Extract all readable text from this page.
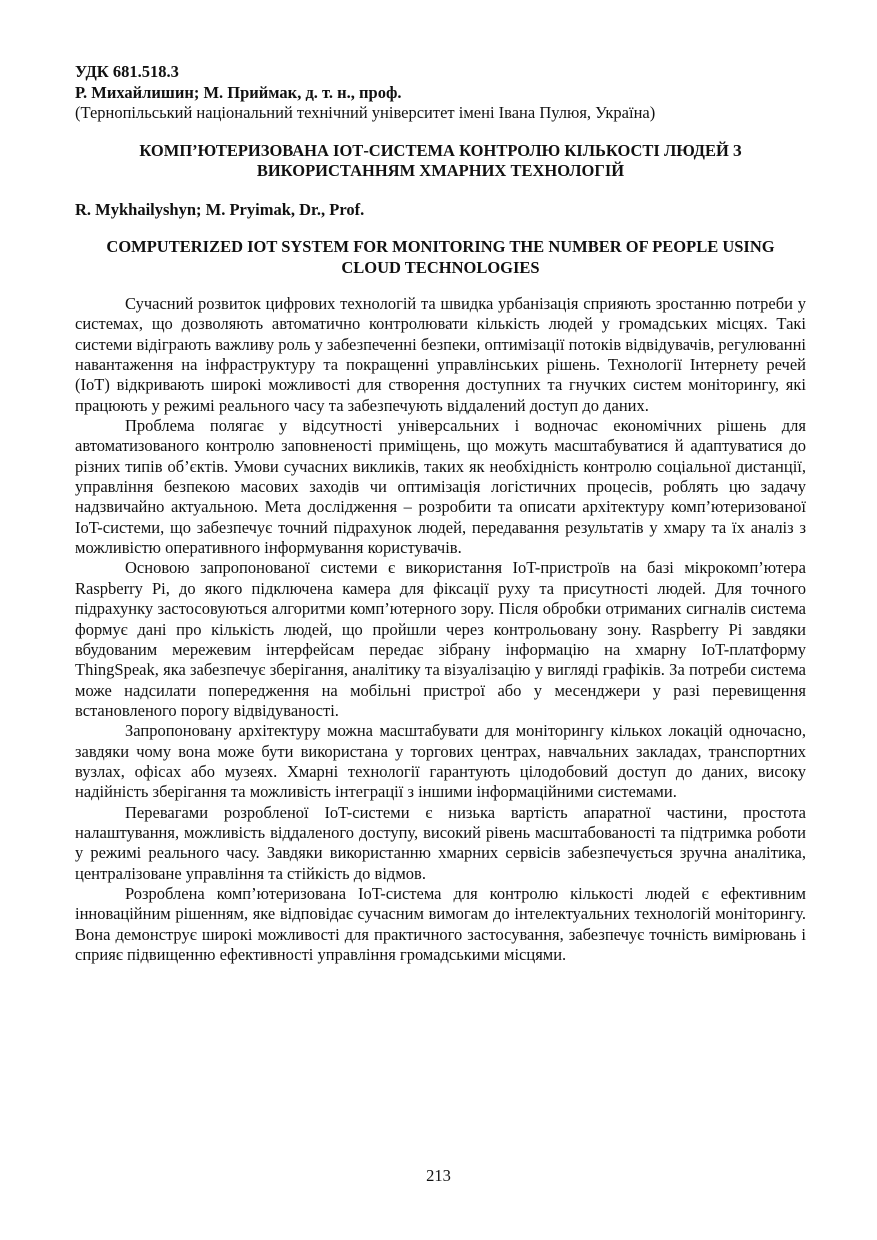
УДК 681.518.3

Р. Михайлишин; М. Приймак, д. т. н., проф.

(Тернопільський національний технічний університет імені Івана Пулюя, Україна)

КОМП’ЮТЕРИЗОВАНА ІОТ-СИСТЕМА КОНТРОЛЮ КІЛЬКОСТІ ЛЮДЕЙ З ВИКОРИСТАННЯМ ХМАРНИХ ТЕХНОЛОГІЙ

R. Mykhailyshyn; M. Pryimak, Dr., Prof.

COMPUTERIZED IOT SYSTEM FOR MONITORING THE NUMBER OF PEOPLE USING CLOUD TECHNOLOGIES

Сучасний розвиток цифрових технологій та швидка урбанізація сприяють зростанню потреби у системах, що дозволяють автоматично контролювати кількість людей у громадських місцях. Такі системи відіграють важливу роль у забезпеченні безпеки, оптимізації потоків відвідувачів, регулюванні навантаження на інфраструктуру та покращенні управлінських рішень. Технології Інтернету речей (IoT) відкривають широкі можливості для створення доступних та гнучких систем моніторингу, які працюють у режимі реального часу та забезпечують віддалений доступ до даних.

Проблема полягає у відсутності універсальних і водночас економічних рішень для автоматизованого контролю заповненості приміщень, що можуть масштабуватися й адаптуватися до різних типів об’єктів. Умови сучасних викликів, таких як необхідність контролю соціальної дистанції, управління безпекою масових заходів чи оптимізація логістичних процесів, роблять цю задачу надзвичайно актуальною. Мета дослідження – розробити та описати архітектуру комп’ютеризованої IoT-системи, що забезпечує точний підрахунок людей, передавання результатів у хмару та їх аналіз з можливістю оперативного інформування користувачів.

Основою запропонованої системи є використання IoT-пристроїв на базі мікрокомп’ютера Raspberry Pi, до якого підключена камера для фіксації руху та присутності людей. Для точного підрахунку застосовуються алгоритми комп’ютерного зору. Після обробки отриманих сигналів система формує дані про кількість людей, що пройшли через контрольовану зону. Raspberry Pi завдяки вбудованим мережевим інтерфейсам передає зібрану інформацію на хмарну IoT-платформу ThingSpeak, яка забезпечує зберігання, аналітику та візуалізацію у вигляді графіків. За потреби система може надсилати попередження на мобільні пристрої або у месенджери у разі перевищення встановленого порогу відвідуваності.

Запропоновану архітектуру можна масштабувати для моніторингу кількох локацій одночасно, завдяки чому вона може бути використана у торгових центрах, навчальних закладах, транспортних вузлах, офісах або музеях. Хмарні технології гарантують цілодобовий доступ до даних, високу надійність зберігання та можливість інтеграції з іншими інформаційними системами.

Перевагами розробленої IoT-системи є низька вартість апаратної частини, простота налаштування, можливість віддаленого доступу, високий рівень масштабованості та підтримка роботи у режимі реального часу. Завдяки використанню хмарних сервісів забезпечується зручна аналітика, централізоване управління та стійкість до відмов.

Розроблена комп’ютеризована IoT-система для контролю кількості людей є ефективним інноваційним рішенням, яке відповідає сучасним вимогам до інтелектуальних технологій моніторингу. Вона демонструє широкі можливості для практичного застосування, забезпечує точність вимірювань і сприяє підвищенню ефективності управління громадськими місцями.

213
